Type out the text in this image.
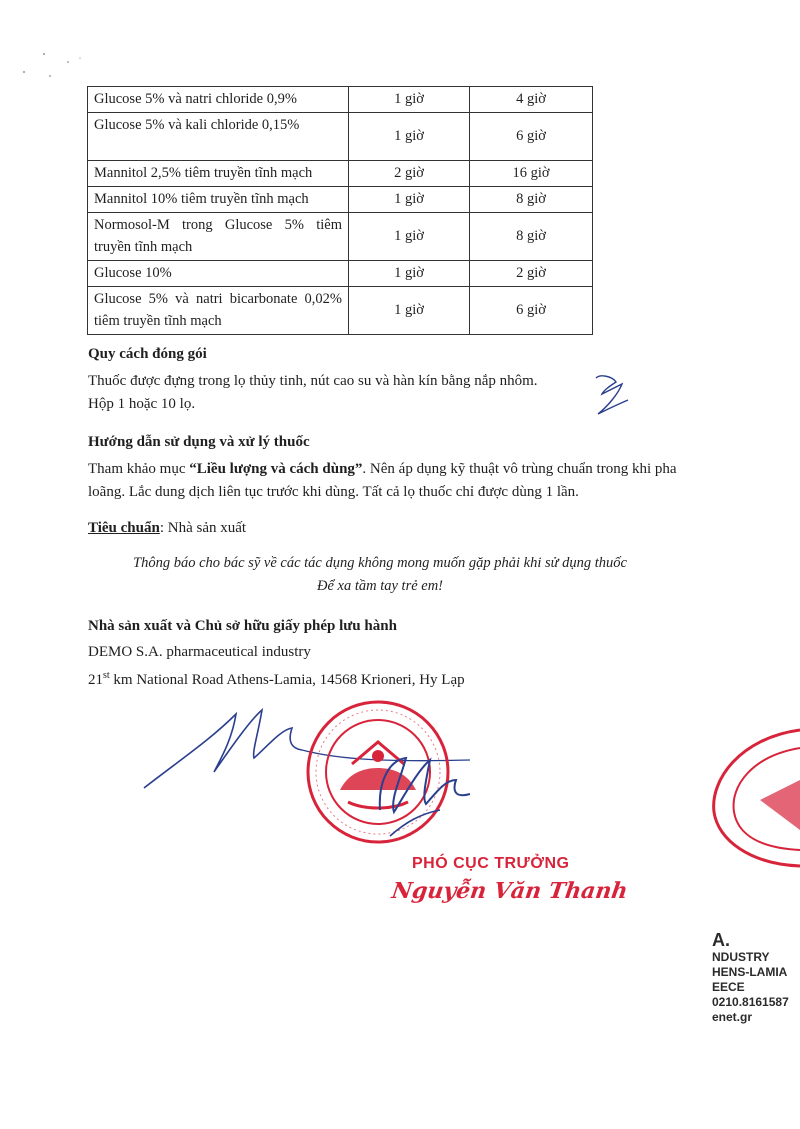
Glucose 5% và natri chloride 0,9%	1 giờ	4 giờ
Glucose 5% và kali chloride 0,15%	1 giờ	6 giờ
Mannitol 2,5% tiêm truyền tĩnh mạch	2 giờ	16 giờ
Mannitol 10% tiêm truyền tĩnh mạch	1 giờ	8 giờ
Normosol-M trong Glucose 5% tiêm truyền tĩnh mạch	1 giờ	8 giờ
Glucose 10%	1 giờ	2 giờ
Glucose 5% và natri bicarbonate 0,02% tiêm truyền tĩnh mạch	1 giờ	6 giờ
Quy cách đóng gói
Thuốc được đựng trong lọ thủy tinh, nút cao su và hàn kín bằng nắp nhôm.
Hộp 1 hoặc 10 lọ.
Hướng dẫn sử dụng và xử lý thuốc
Tham khảo mục “Liều lượng và cách dùng”. Nên áp dụng kỹ thuật vô trùng chuẩn trong khi pha
loãng. Lắc dung dịch liên tục trước khi dùng. Tất cả lọ thuốc chỉ được dùng 1 lần.
Tiêu chuẩn: Nhà sản xuất
Thông báo cho bác sỹ về các tác dụng không mong muốn gặp phải khi sử dụng thuốc
Để xa tầm tay trẻ em!
Nhà sản xuất và Chủ sở hữu giấy phép lưu hành
DEMO S.A. pharmaceutical industry
21st km National Road Athens-Lamia, 14568 Krioneri, Hy Lạp
PHÓ CỤC TRƯỞNG
Nguyễn Văn Thanh
A.
NDUSTRY
HENS-LAMIA
EECE
0210.8161587
enet.gr
